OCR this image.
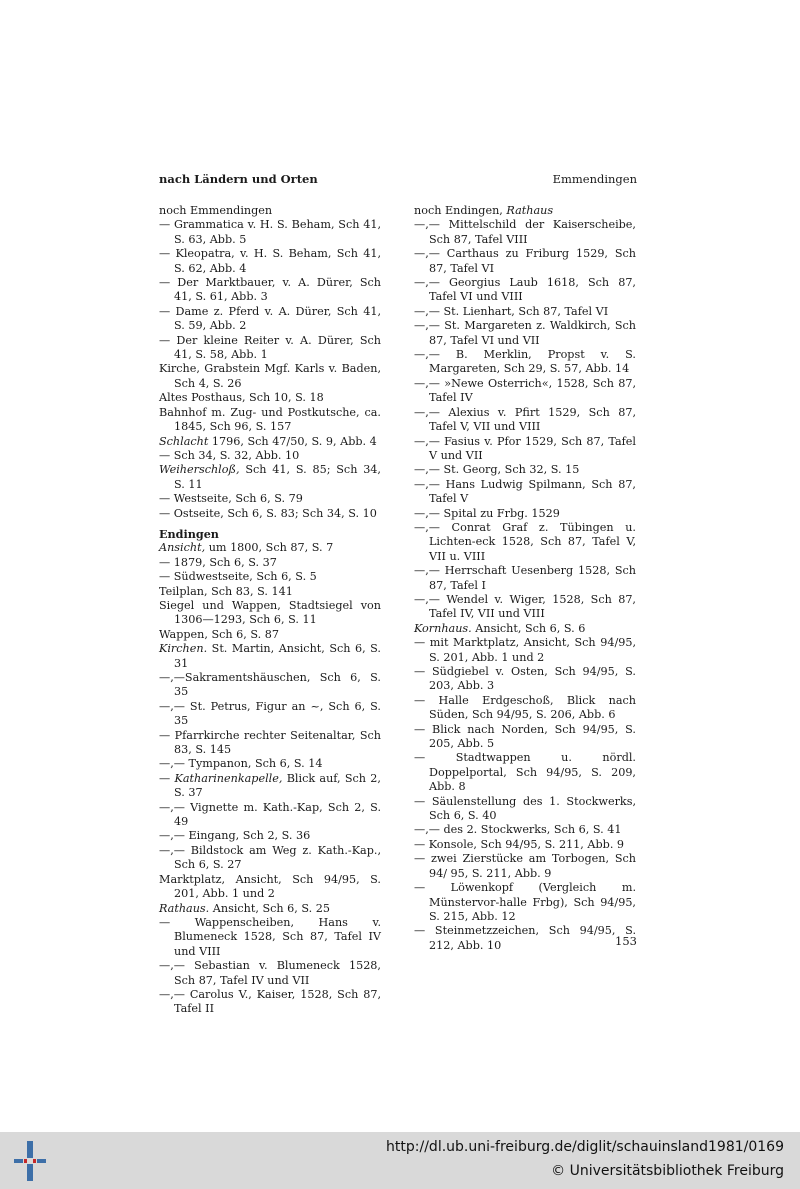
nach Ländern und Orten	Emmendingen
noch Emmendingen
— Grammatica v. H. S. Beham, Sch 41, S. 63, Abb. 5
— Kleopatra, v. H. S. Beham, Sch 41, S. 62, Abb. 4
— Der Marktbauer, v. A. Dürer, Sch 41, S. 61, Abb. 3
— Dame z. Pferd v. A. Dürer, Sch 41, S. 59, Abb. 2
— Der kleine Reiter v. A. Dürer, Sch 41, S. 58, Abb. 1
Kirche, Grabstein Mgf. Karls v. Baden, Sch 4, S. 26
Altes Posthaus, Sch 10, S. 18
Bahnhof m. Zug- und Postkutsche, ca. 1845, Sch 96, S. 157
Schlacht 1796, Sch 47/50, S. 9, Abb. 4
— Sch 34, S. 32, Abb. 10
Weiherschloß, Sch 41, S. 85; Sch 34, S. 11
— Westseite, Sch 6, S. 79
— Ostseite, Sch 6, S. 83; Sch 34, S. 10
Endingen
Ansicht, um 1800, Sch 87, S. 7
— 1879, Sch 6, S. 37
— Südwestseite, Sch 6, S. 5
Teilplan, Sch 83, S. 141
Siegel und Wappen, Stadtsiegel von 1306—1293, Sch 6, S. 11
Wappen, Sch 6, S. 87
Kirchen. St. Martin, Ansicht, Sch 6, S. 31
—,—Sakramentshäuschen, Sch 6, S. 35
—,— St. Petrus, Figur an ~, Sch 6, S. 35
— Pfarrkirche rechter Seitenaltar, Sch 83, S. 145
—,— Tympanon, Sch 6, S. 14
— Katharinenkapelle, Blick auf, Sch 2, S. 37
—,— Vignette m. Kath.-Kap, Sch 2, S. 49
—,— Eingang, Sch 2, S. 36
—,— Bildstock am Weg z. Kath.-Kap., Sch 6, S. 27
Marktplatz, Ansicht, Sch 94/95, S. 201, Abb. 1 und 2
Rathaus. Ansicht, Sch 6, S. 25
— Wappenscheiben, Hans v. Blumeneck 1528, Sch 87, Tafel IV und VIII
—,— Sebastian v. Blumeneck 1528, Sch 87, Tafel IV und VII
—,— Carolus V., Kaiser, 1528, Sch 87, Tafel II
noch Endingen, Rathaus
—,— Mittelschild der Kaiserscheibe, Sch 87, Tafel VIII
—,— Carthaus zu Friburg 1529, Sch 87, Tafel VI
—,— Georgius Laub 1618, Sch 87, Tafel VI und VIII
—,— St. Lienhart, Sch 87, Tafel VI
—,— St. Margareten z. Waldkirch, Sch 87, Tafel VI und VII
—,— B. Merklin, Propst v. S. Margareten, Sch 29, S. 57, Abb. 14
—,— »Newe Osterrich«, 1528, Sch 87, Tafel IV
—,— Alexius v. Pfirt 1529, Sch 87, Tafel V, VII und VIII
—,— Fasius v. Pfor 1529, Sch 87, Tafel V und VII
—,— St. Georg, Sch 32, S. 15
—,— Hans Ludwig Spilmann, Sch 87, Tafel V
—,— Spital zu Frbg. 1529
—,— Conrat Graf z. Tübingen u. Lichten-eck 1528, Sch 87, Tafel V, VII u. VIII
—,— Herrschaft Uesenberg 1528, Sch 87, Tafel I
—,— Wendel v. Wiger, 1528, Sch 87, Tafel IV, VII und VIII
Kornhaus. Ansicht, Sch 6, S. 6
— mit Marktplatz, Ansicht, Sch 94/95, S. 201, Abb. 1 und 2
— Südgiebel v. Osten, Sch 94/95, S. 203, Abb. 3
— Halle Erdgeschoß, Blick nach Süden, Sch 94/95, S. 206, Abb. 6
— Blick nach Norden, Sch 94/95, S. 205, Abb. 5
— Stadtwappen u. nördl. Doppelportal, Sch 94/95, S. 209, Abb. 8
— Säulenstellung des 1. Stockwerks, Sch 6, S. 40
—,— des 2. Stockwerks, Sch 6, S. 41
— Konsole, Sch 94/95, S. 211, Abb. 9
— zwei Zierstücke am Torbogen, Sch 94/ 95, S. 211, Abb. 9
— Löwenkopf (Vergleich m. Münstervor-halle Frbg), Sch 94/95, S. 215, Abb. 12
— Steinmetzzeichen, Sch 94/95, S. 212, Abb. 10	153
http://dl.ub.uni-freiburg.de/diglit/schauinsland1981/0169
© Universitätsbibliothek Freiburg
